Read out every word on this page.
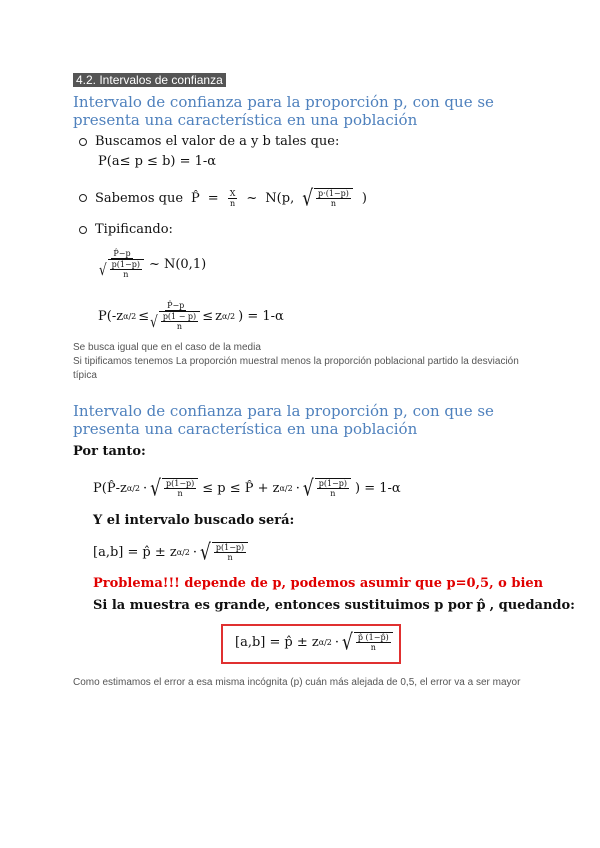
4.2. Intervalos de confianza
Intervalo de confianza para la proporción p, con que se presenta una característica en una población
Buscamos el valor de a y b tales que:
P(a≤ p ≤ b) = 1-α
Sabemos que P̂ = $\frac{X}{n}$ ~ N(p, √ $\frac{p\cdot(1-p)}{n}$ )
Tipificando:
$\frac{P̂-p}{√ \frac{p(1-p)}{n}}$ ~ N(0,1)
P(-z $\alpha/2 \le \frac{P̂-p}{√ \frac{p(1 - p)}{n}} \le z$ α/2 ) = 1-α
Se busca igual que en el caso de la media
Si tipificamos tenemos La proporción muestral menos la proporción poblacional partido la desviación típica
Intervalo de confianza para la proporción p, con que se presenta una característica en una población
Por tanto:
P(P̂-z α/2 · √ $\frac{p(1-p)}{n} \le p$ ≤ P̂ + z α/2 · √ $\frac{p(1-p)}{n}$ ) = 1-α
Y el intervalo buscado será:
[a,b] = p̂ ± z α/2 · √ $\frac{p(1-p)}{n}$
Problema!!! depende de p, podemos asumir que p=0,5, o bien
Si la muestra es grande, entonces sustituimos p por p̂ , quedando:
[a,b] = p̂ ± z α/2 · √ $\frac{p̂ (1-p̂)}{n}$
Como estimamos el error a esa misma incógnita (p) cuán más alejada de 0,5, el error va a ser mayor
